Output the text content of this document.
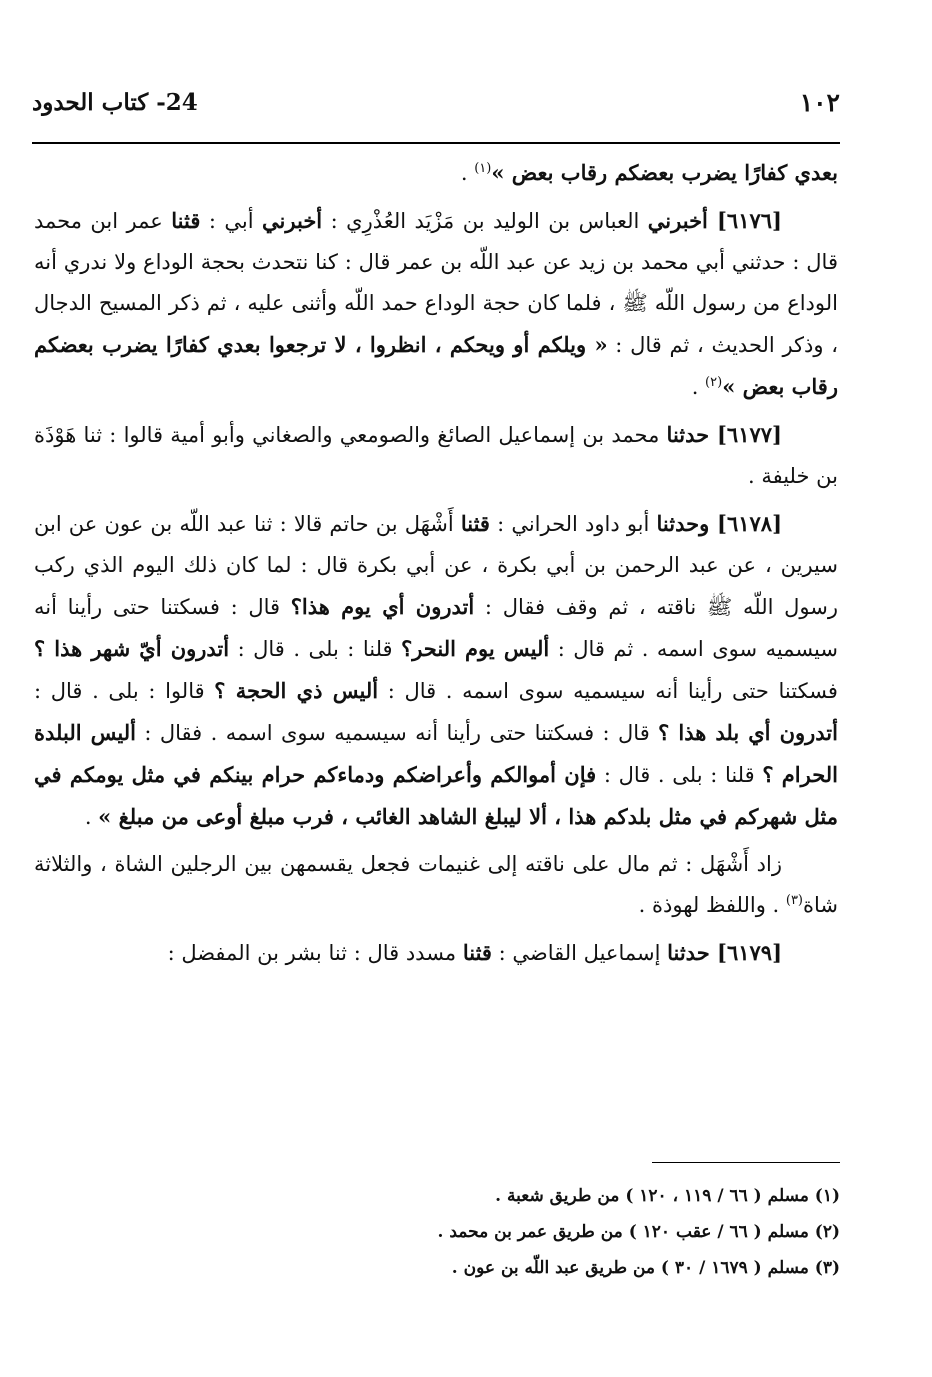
١٠٢
24- كتاب الحدود

بعدي كفارًا يضرب بعضكم رقاب بعض »$^{(١)}$ .

[٦١٧٦] أخبرني العباس بن الوليد بن مَزْيَد العُذْرِي : أخبرني أبي : قثنا عمر ابن محمد قال : حدثني أبي محمد بن زيد عن عبد اللّه بن عمر قال : كنا نتحدث بحجة الوداع ولا ندري أنه الوداع من رسول اللّه ﷺ ، فلما كان حجة الوداع حمد اللّه وأثنى عليه ، ثم ذكر المسيح الدجال ، وذكر الحديث ، ثم قال : « ويلكم أو ويحكم ، انظروا ، لا ترجعوا بعدي كفارًا يضرب بعضكم رقاب بعض »$^{(٢)}$ .

[٦١٧٧] حدثنا محمد بن إسماعيل الصائغ والصومعي والصغاني وأبو أمية قالوا : ثنا هَوْذَة بن خليفة .

[٦١٧٨] وحدثنا أبو داود الحراني : قثنا أَشْهَل بن حاتم قالا : ثنا عبد اللّه بن عون عن ابن سيرين ، عن عبد الرحمن بن أبي بكرة ، عن أبي بكرة قال : لما كان ذلك اليوم الذي ركب رسول اللّه ﷺ ناقته ، ثم وقف فقال : أتدرون أي يوم هذا؟ قال : فسكتنا حتى رأينا أنه سيسميه سوى اسمه . ثم قال : أليس يوم النحر؟ قلنا : بلى . قال : أتدرون أيّ شهر هذا ؟ فسكتنا حتى رأينا أنه سيسميه سوى اسمه . قال : أليس ذي الحجة ؟ قالوا : بلى . قال : أتدرون أي بلد هذا ؟ قال : فسكتنا حتى رأينا أنه سيسميه سوى اسمه . فقال : أليس البلدة الحرام ؟ قلنا : بلى . قال : فإن أموالكم وأعراضكم ودماءكم حرام بينكم في مثل يومكم في مثل شهركم في مثل بلدكم هذا ، ألا ليبلغ الشاهد الغائب ، فرب مبلغ أوعى من مبلغ » .

زاد أَشْهَل : ثم مال على ناقته إلى غنيمات فجعل يقسمهن بين الرجلين الشاة ، والثلاثة شاة$^{(٣)}$ . واللفظ لهوذة .

[٦١٧٩] حدثنا إسماعيل القاضي : قثنا مسدد قال : ثنا بشر بن المفضل :

(١) مسلم ( ٦٦ / ١١٩ ، ١٢٠ ) من طريق شعبة .
(٢) مسلم ( ٦٦ / عقب ١٢٠ ) من طريق عمر بن محمد .
(٣) مسلم ( ١٦٧٩ / ٣٠ ) من طريق عبد اللّه بن عون .
